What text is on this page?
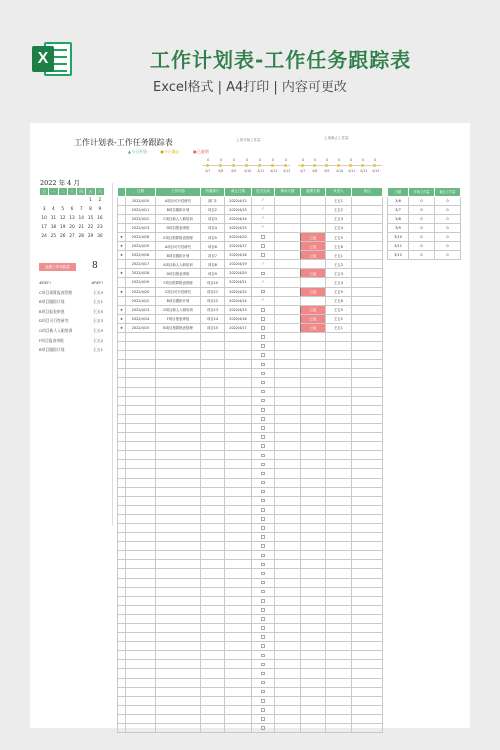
X	工作计划表-工作任务跟踪表
Excel格式 | A4打印 | 内容可更改
工作计划表-工作任务跟踪表	上周开始工作量	上周截止工作量
0
4/7
0
4/8
0
4/9
0
4/10
0
4/11
0
4/12
0
4/13
0
4/7
0
4/8
0
4/9
0
4/10
0
4/11
0
4/12
0
4/13
▲今日开始	●今日截止	●已逾期
2022 年 4 月
日	一	二	三	四	五	六
					1	2
3	4	5	6	7	8	9
10	11	12	13	14	15	16
17	18	19	20	21	22	23
24	25	26	27	28	29	30
逾期工作项数量	8
#REF!	#REF!
C项目预算报表管理	王五3
B项目跟踪计划	王五1
B项目报表审批	王五5
D项目可行性研究	王五3
G项目新人入职培训	王五5
F项目报表审批	王五2
B项目跟踪计划	王五1
	日期	工作内容	所属部门	截止日期	是否完成	剩余天数	逾期天数	负责人	备注
	2022/4/10	A项目可行性研究	部门1	2022/4/12	✓			王五1	
	2022/4/11	B项目跟踪计划	项目2	2022/4/13	✓			王五2	
	2022/4/12	C项目新人入职培训	项目3	2022/4/14	✓			王五3	
	2022/4/13	D项目报表审批	项目4	2022/4/15	✓			王五4	
★	2022/4/18	E项目预算报表管理	项目5	2022/4/20			已逾	王五5	
★	2022/4/15	A项目可行性研究	项目6	2022/4/17			已逾	王五6	
★	2022/4/16	B项目跟踪计划	项目7	2022/4/18			已逾	王五1	
	2022/4/17	A项目新人入职培训	项目8	2022/4/19	✓			王五2	
★	2022/4/18	D项目报表审批	项目9	2022/4/20			已逾	王五3	
	2022/4/19	F项目预算报表管理	项目10	2022/4/21	✓			王五4	
★	2022/4/20	C项目可行性研究	项目11	2022/4/22			已逾	王五5	
	2022/4/12	B项目跟踪计划	项目12	2022/4/14	✓			王五6	
★	2022/4/13	G项目新人入职培训	项目13	2022/4/15			已逾	王五5	
★	2022/4/14	F项目报表审批	项目14	2022/4/16			已逾	王五2	
★	2022/4/15	B项目预算报表管理	项目15	2022/4/17			已逾	王五1	

日期	开始工作量	截止工作量
3/6	0	0
3/7	0	0
3/8	0	0
3/9	0	0
3/10	0	0
3/11	0	0
3/12	0	0
